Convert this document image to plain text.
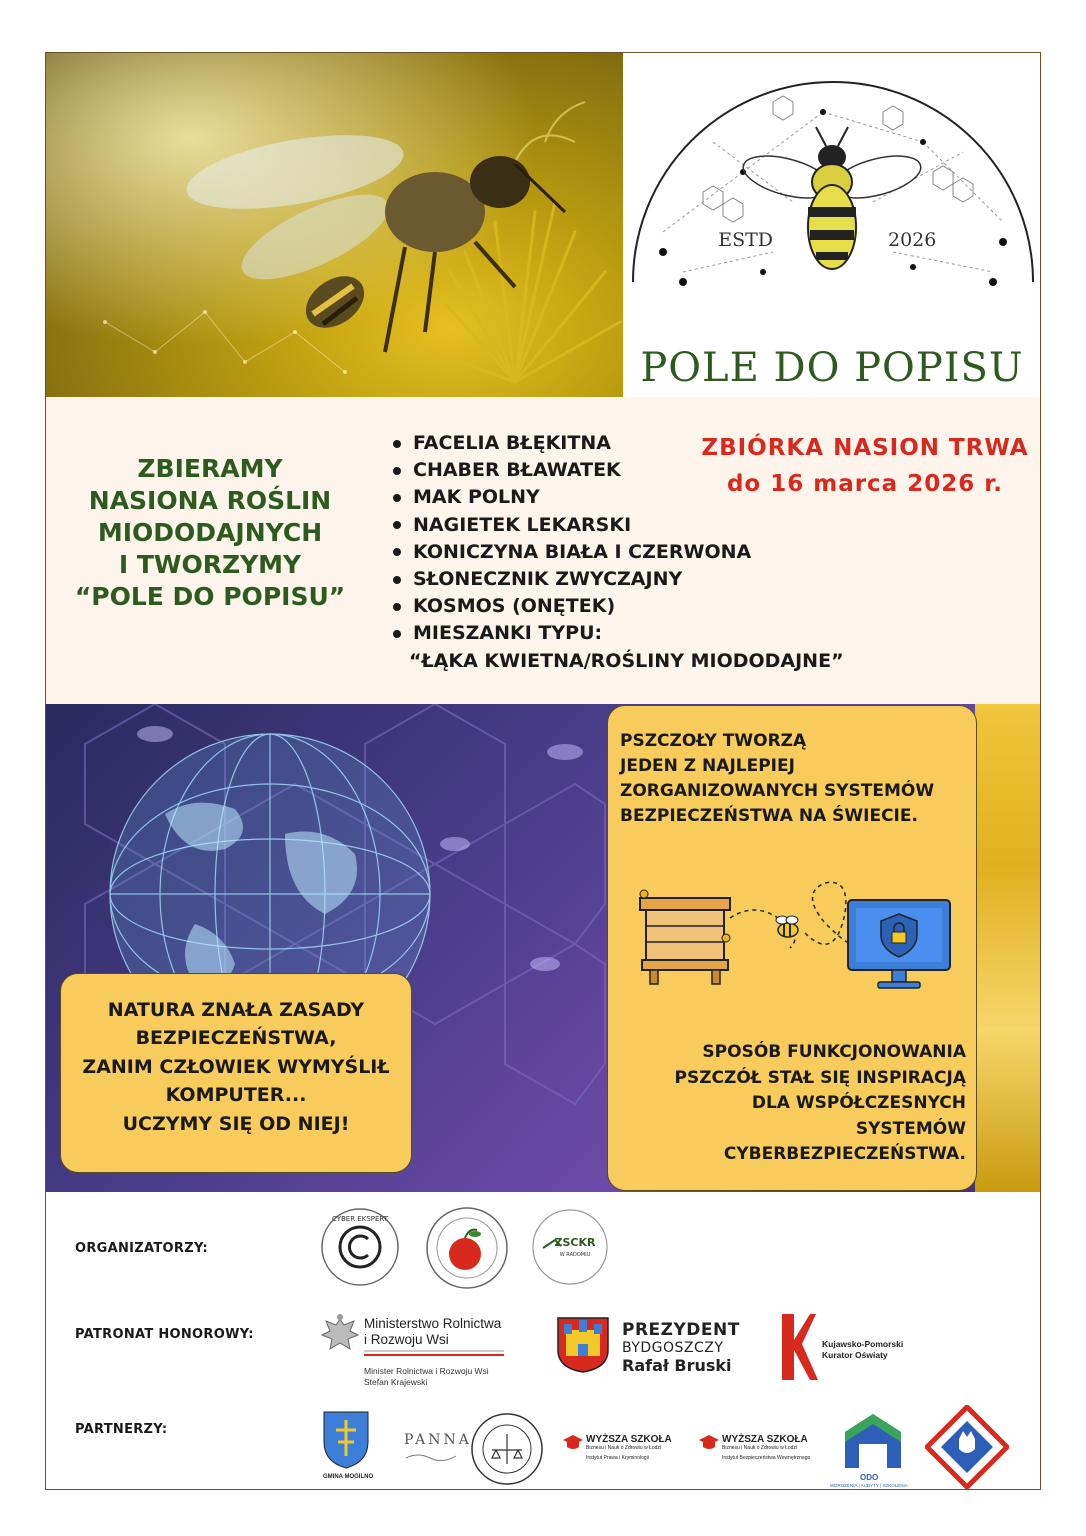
ESTD	2026
POLE DO POPISU
ZBIERAMY
NASIONA ROŚLIN
MIODODAJNYCH
I TWORZYMY
“POLE DO POPISU”
FACELIA BŁĘKITNA
CHABER BŁAWATEK
MAK POLNY
NAGIETEK LEKARSKI
KONICZYNA BIAŁA I CZERWONA
SŁONECZNIK ZWYCZAJNY
KOSMOS (ONĘTEK)
MIESZANKI TYPU:
“ŁĄKA KWIETNA/ROŚLINY MIODODAJNE”
ZBIÓRKA NASION TRWA
do 16 marca 2026 r.
PSZCZOŁY TWORZĄ
JEDEN Z NAJLEPIEJ
ZORGANIZOWANYCH SYSTEMÓW
BEZPIECZEŃSTWA NA ŚWIECIE.
SPOSÓB FUNKCJONOWANIA
PSZCZÓŁ STAŁ SIĘ INSPIRACJĄ
DLA WSPÓŁCZESNYCH
SYSTEMÓW
CYBERBEZPIECZEŃSTWA.
NATURA ZNAŁA ZASADY
BEZPIECZEŃSTWA,
ZANIM CZŁOWIEK WYMYŚLIŁ
KOMPUTER...
UCZYMY SIĘ OD NIEJ!
ORGANIZATORZY:
PATRONAT HONOROWY:
PARTNERZY:
CYBER EKSPERT
ZSCKR
W RADOMIU
Ministerstwo Rolnictwa
i Rozwoju Wsi
Minister Rolnictwa i Rozwoju Wsi
Stefan Krajewski
PREZYDENT
BYDGOSZCZY
Rafał Bruski
Kujawsko-Pomorski
Kurator Oświaty
GMINA MOGILNO
PANNA	WYŻSZA SZKOŁA
Biznesu i Nauk o Zdrowiu w Łodzi
Instytut Prawa i Kryminologii
WYŻSZA SZKOŁA
Biznesu i Nauk o Zdrowiu w Łodzi
Instytut Bezpieczeństwa Wewnętrznego
ODO
WDROŻENIA | AUDYTY | SZKOLENIA
